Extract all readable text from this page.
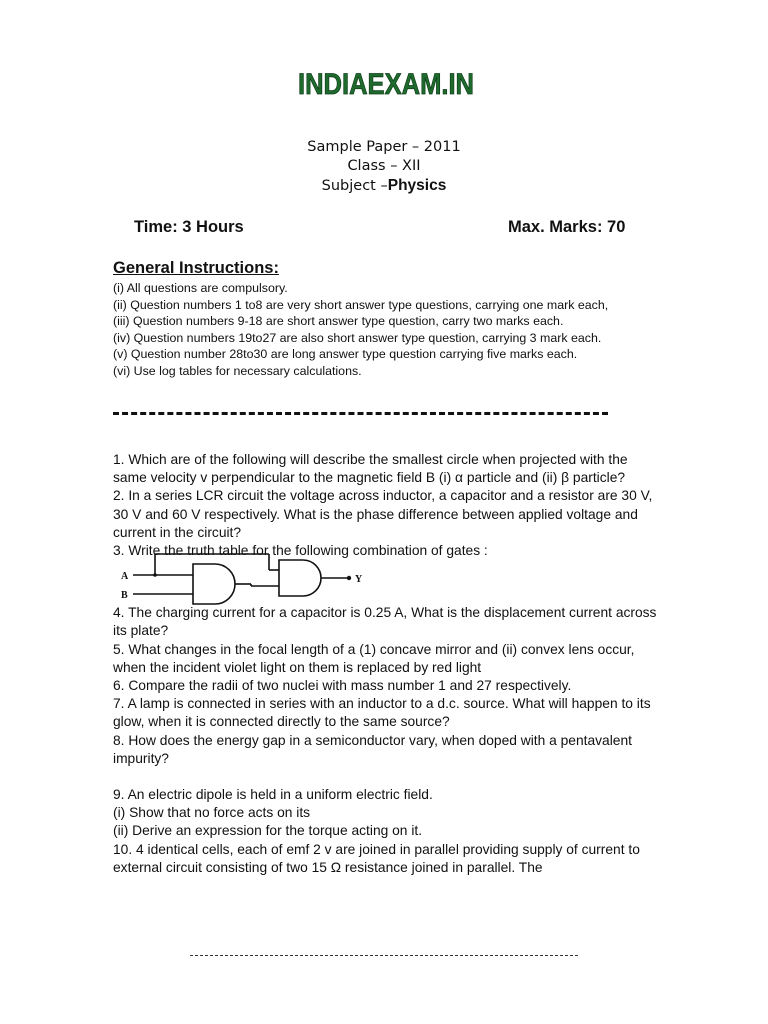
INDIAEXAM.IN
Sample Paper – 2011
Class – XII
Subject –Physics
Time: 3 Hours	Max. Marks: 70
General Instructions:
(i) All questions are compulsory.
(ii) Question numbers 1 to8 are very short answer type questions, carrying one mark each,
(iii) Question numbers 9-18 are short answer type question, carry two marks each.
(iv) Question numbers 19to27 are also short answer type question, carrying 3 mark each.
(v) Question number 28to30 are long answer type question carrying five marks each.
(vi) Use log tables for necessary calculations.
1. Which are of the following will describe the smallest circle when projected with the same velocity v perpendicular to the magnetic field B (i) α particle and (ii) β particle?
2. In a series LCR circuit the voltage across inductor, a capacitor and a resistor are 30 V, 30 V and 60 V respectively. What is the phase difference between applied voltage and current in the circuit?
3. Write the truth table for the following combination of gates :
A
B
Y
4. The charging current for a capacitor is 0.25 A, What is the displacement current across its plate?
5. What changes in the focal length of a (1) concave mirror and (ii) convex lens occur, when the incident violet light on them is replaced by red light
6. Compare the radii of two nuclei with mass number 1 and 27 respectively.
7. A lamp is connected in series with an inductor to a d.c. source. What will happen to its glow, when it is connected directly to the same source?
8. How does the energy gap in a semiconductor vary, when doped with a pentavalent impurity?
9. An electric dipole is held in a uniform electric field.
(i) Show that no force acts on its
(ii) Derive an expression for the torque acting on it.
10. 4 identical cells, each of emf 2 v are joined in parallel providing supply of current to external circuit consisting of two 15 Ω resistance joined in parallel. The
